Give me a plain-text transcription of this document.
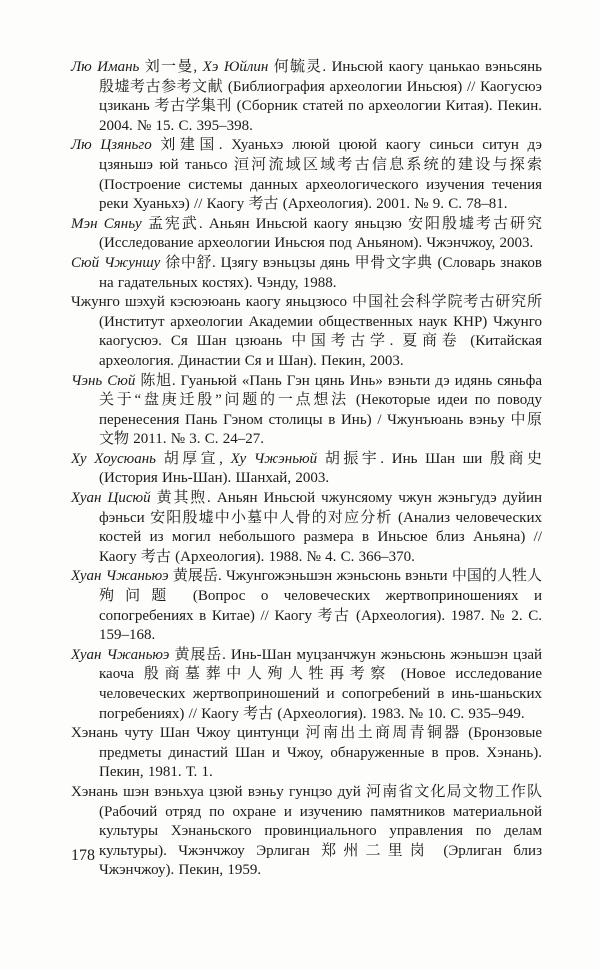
Лю Имань 刘一曼, Хэ Юйлин 何毓灵. Иньсюй каогу цанькао вэньсянь 殷墟考古参考文献 (Библиография археологии Иньсюя) // Каогусюэ цзикань 考古学集刊 (Сборник статей по археологии Китая). Пекин. 2004. № 15. С. 395–398.

Лю Цзяньго 刘建国. Хуаньхэ лююй цююй каогу синьси ситун дэ цзяньшэ юй таньсо 洹河流域区域考古信息系统的建设与探索 (Построение системы данных археологического изучения течения реки Хуаньхэ) // Каогу 考古 (Археология). 2001. № 9. С. 78–81.

Мэн Сяньу 孟宪武. Аньян Иньсюй каогу яньцзю 安阳殷墟考古研究 (Исследование археологии Иньсюя под Аньяном). Чжэнчжоу, 2003.

Сюй Чжуншу 徐中舒. Цзягу вэньцзы дянь 甲骨文字典 (Словарь знаков на гадательных костях). Чэнду, 1988.

Чжунго шэхуй кэсюэюань каогу яньцзюсо 中国社会科学院考古研究所 (Институт археологии Академии общественных наук КНР) Чжунго каогусюэ. Ся Шан цзюань 中国考古学. 夏商卷 (Китайская археология. Династии Ся и Шан). Пекин, 2003.

Чэнь Сюй 陈旭. Гуаньюй «Пань Гэн цянь Инь» вэньти дэ идянь сяньфа 关于“盘庚迁殷”问题的一点想法 (Некоторые идеи по поводу перенесения Пань Гэном столицы в Инь) / Чжунъюань вэньу 中原文物 2011. № 3. С. 24–27.

Ху Хоусюань 胡厚宣, Ху Чжэньюй 胡振宇. Инь Шан ши 殷商史 (История Инь-Шан). Шанхай, 2003.

Хуан Цисюй 黄其煦. Аньян Иньсюй чжунсяому чжун жэньгудэ дуйин фэньси 安阳殷墟中小墓中人骨的对应分析 (Анализ человеческих костей из могил небольшого размера в Иньсюе близ Аньяна) // Каогу 考古 (Археология). 1988. № 4. С. 366–370.

Хуан Чжаньюэ 黄展岳. Чжунгожэньшэн жэньсюнь вэньти 中国的人牲人殉问题 (Вопрос о человеческих жертвоприношениях и сопогребениях в Китае) // Каогу 考古 (Археология). 1987. № 2. С. 159–168.

Хуан Чжаньюэ 黄展岳. Инь-Шан муцзанчжун жэньсюнь жэньшэн цзай каоча 殷商墓葬中人殉人牲再考察 (Новое исследование человеческих жертвоприношений и сопогребений в инь-шаньских погребениях) // Каогу 考古 (Археология). 1983. № 10. С. 935–949.

Хэнань чуту Шан Чжоу цинтунци 河南出土商周青铜器 (Бронзовые предметы династий Шан и Чжоу, обнаруженные в пров. Хэнань). Пекин, 1981. Т. 1.

Хэнань шэн вэньхуа цзюй вэньу гунцзо дуй 河南省文化局文物工作队 (Рабочий отряд по охране и изучению памятников материальной культуры Хэнаньского провинциального управления по делам культуры). Чжэнчжоу Эрлиган 郑州二里岗 (Эрлиган близ Чжэнчжоу). Пекин, 1959.

178
